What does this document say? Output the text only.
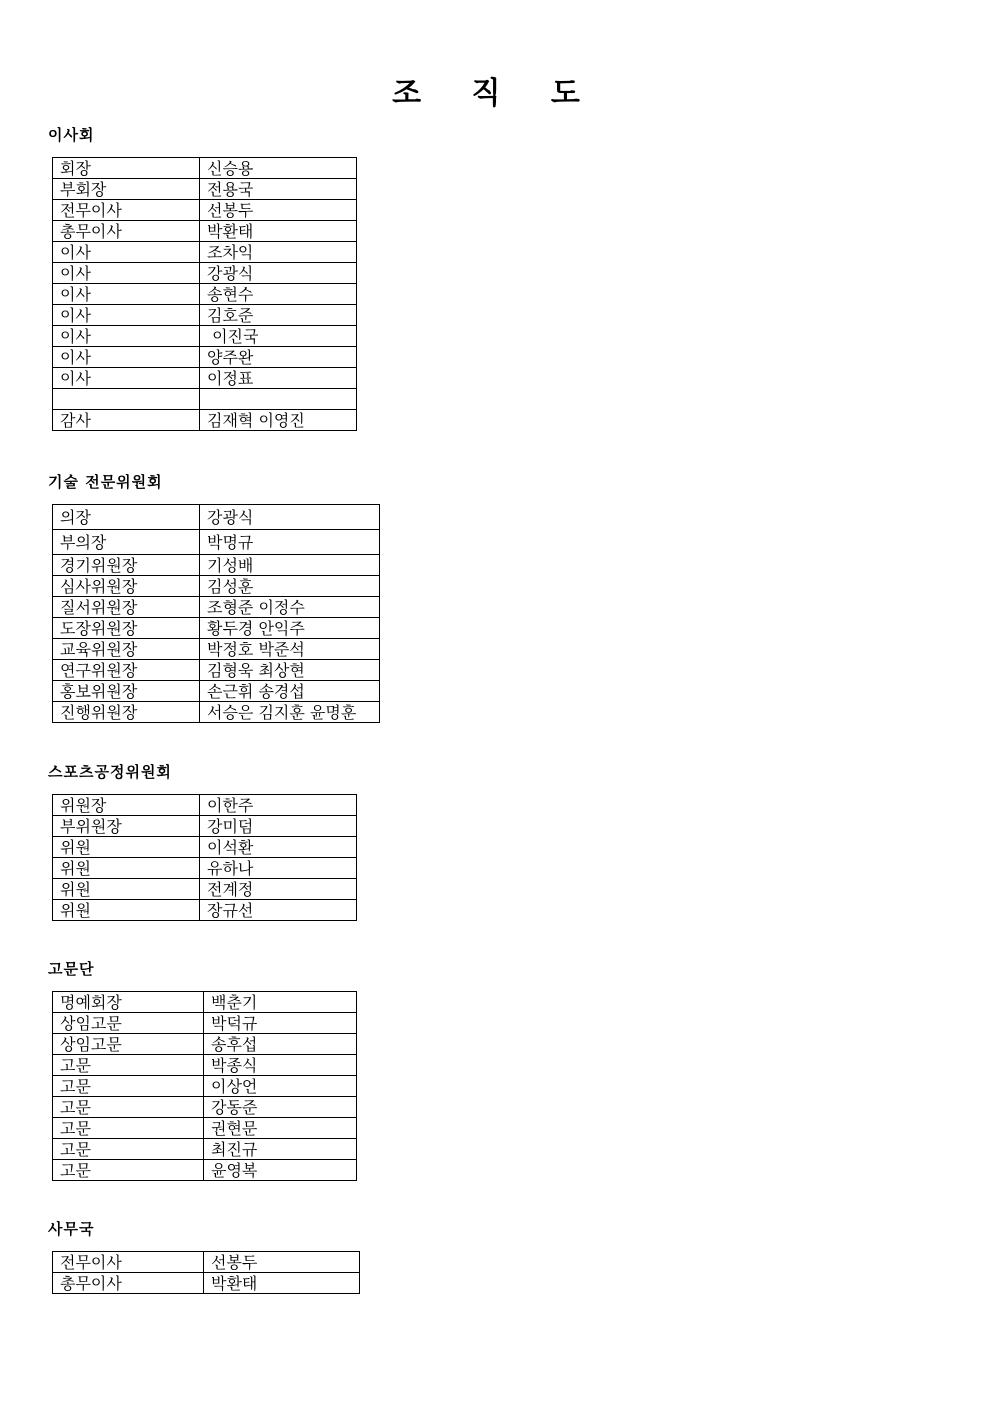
조 직 도
이사회
회장	신승용
부회장	전용국
전무이사	선봉두
총무이사	박환태
이사	조차익
이사	강광식
이사	송현수
이사	김호준
이사	이진국
이사	양주완
이사	이정표

감사	김재혁 이영진
기술 전문위원회
의장	강광식
부의장	박명규
경기위원장	기성배
심사위원장	김성훈
질서위원장	조형준 이정수
도장위원장	황두경 안익주
교육위원장	박정호 박준석
연구위원장	김형욱 최상현
홍보위원장	손근휘 송경섭
진행위원장	서승은 김지훈 윤명훈
스포츠공정위원회
위원장	이한주
부위원장	강미덤
위원	이석환
위원	유하나
위원	전계정
위원	장규선
고문단
명예회장	백춘기
상임고문	박덕규
상임고문	송후섭
고문	박종식
고문	이상언
고문	강동준
고문	권현문
고문	최진규
고문	윤영복
사무국
전무이사	선봉두
총무이사	박환태
